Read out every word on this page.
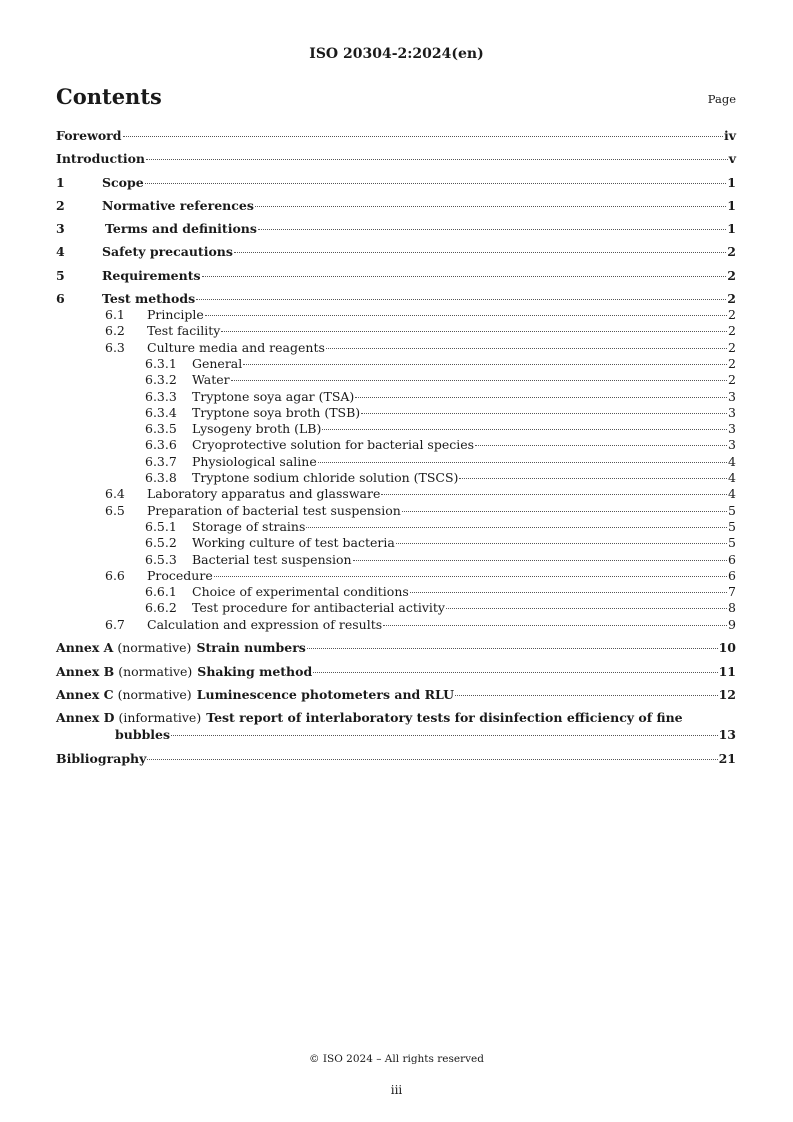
ISO 20304-2:2024(en)
Contents	Page
Foreword	iv
Introduction	v
1	Scope	1
2	Normative references	1
3	Terms and definitions	1
4	Safety precautions	2
5	Requirements	2
6	Test methods	2
6.1 Principle	2
6.2 Test facility	2
6.3 Culture media and reagents	2
6.3.1 General	2
6.3.2 Water	2
6.3.3 Tryptone soya agar (TSA)	3
6.3.4 Tryptone soya broth (TSB)	3
6.3.5 Lysogeny broth (LB)	3
6.3.6 Cryoprotective solution for bacterial species	3
6.3.7 Physiological saline	4
6.3.8 Tryptone sodium chloride solution (TSCS)	4
6.4 Laboratory apparatus and glassware	4
6.5 Preparation of bacterial test suspension	5
6.5.1 Storage of strains	5
6.5.2 Working culture of test bacteria	5
6.5.3 Bacterial test suspension	6
6.6 Procedure	6
6.6.1 Choice of experimental conditions	7
6.6.2 Test procedure for antibacterial activity	8
6.7 Calculation and expression of results	9
Annex A (normative) Strain numbers	10
Annex B (normative) Shaking method	11
Annex C (normative) Luminescence photometers and RLU	12
Annex D (informative) Test report of interlaboratory tests for disinfection efficiency of fine
bubbles	13
Bibliography	21
© ISO 2024 – All rights reserved
iii
